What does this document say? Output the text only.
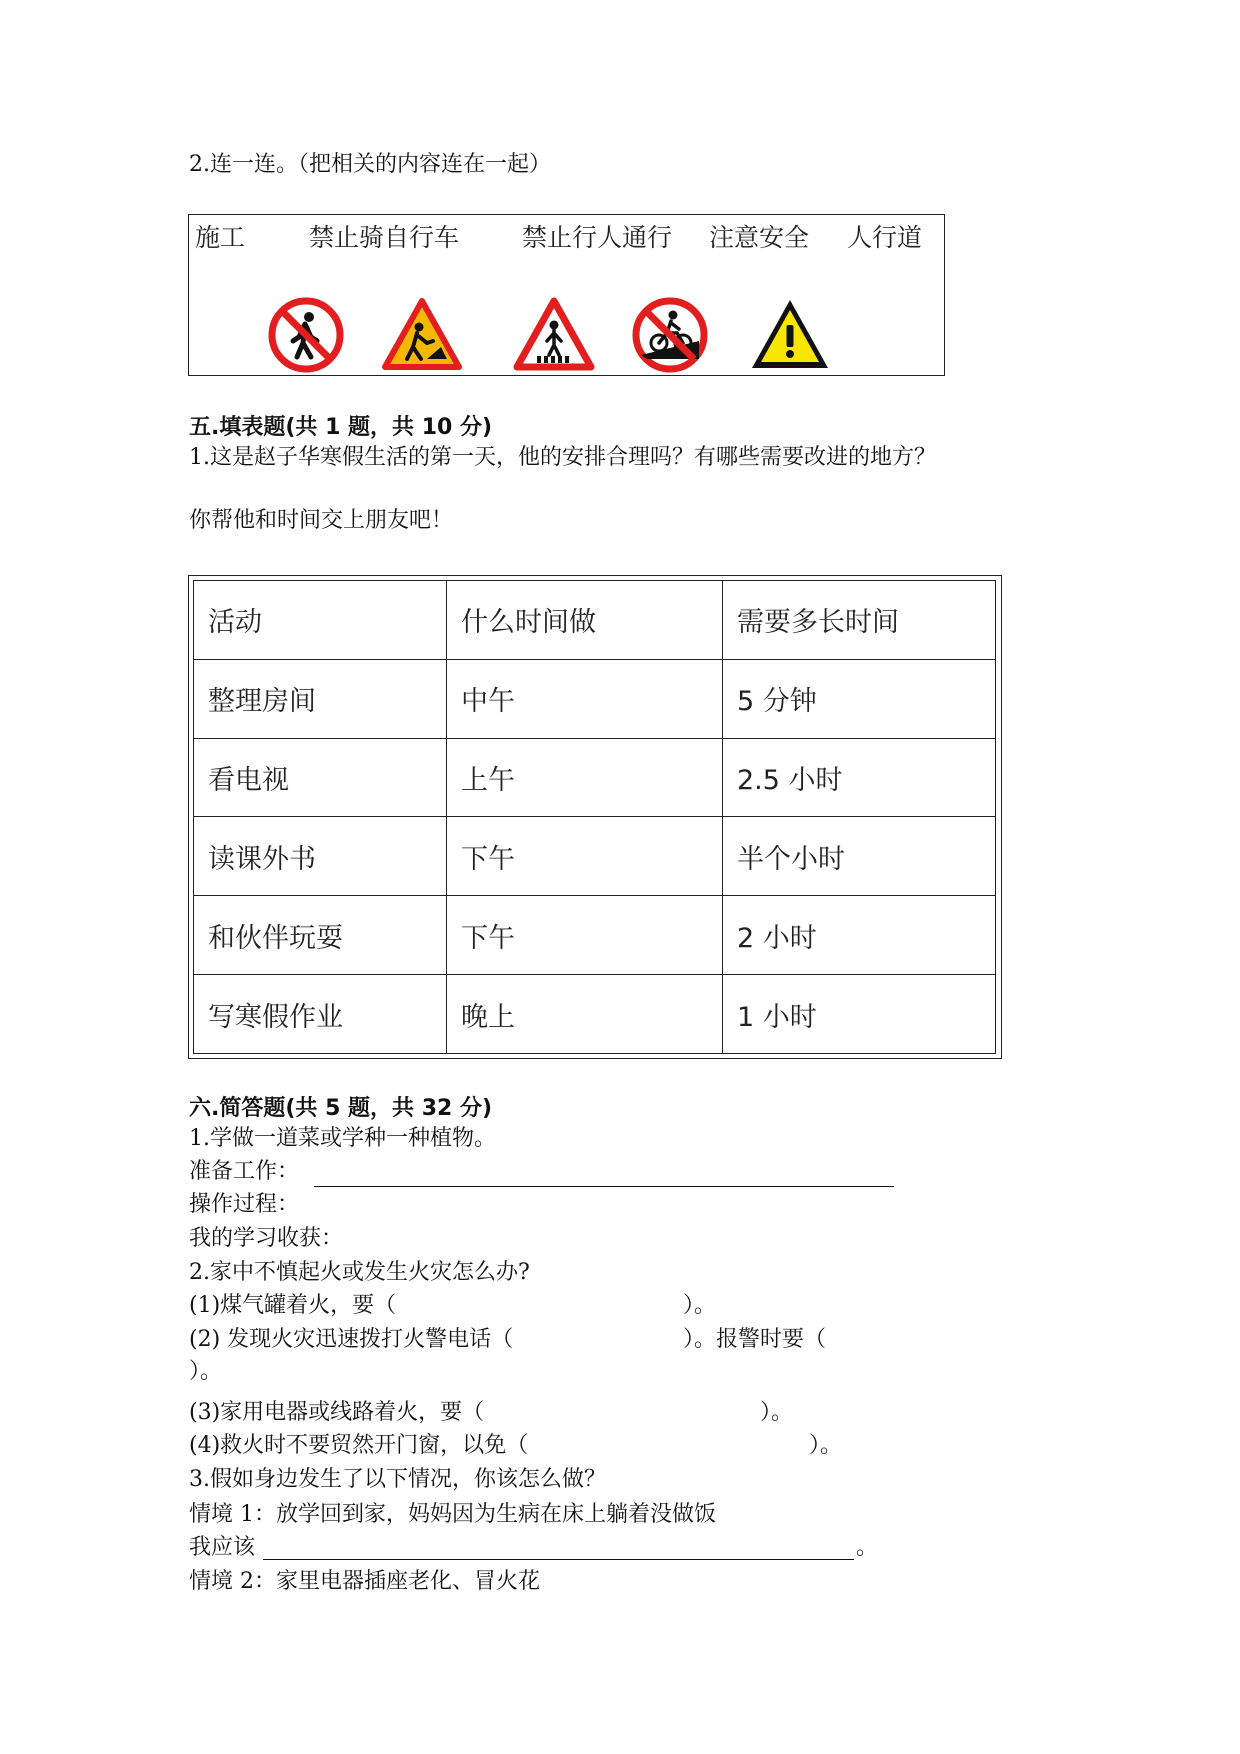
2.连一连。（把相关的内容连在一起）
施工	禁止骑自行车	禁止行人通行 注意安全 人行道
五.填表题(共 1 题，共 10 分)
1.这是赵子华寒假生活的第一天，他的安排合理吗？有哪些需要改进的地方？
你帮他和时间交上朋友吧！
活动	什么时间做	需要多长时间
整理房间	中午	5 分钟
看电视	上午	2.5 小时
读课外书	下午	半个小时
和伙伴玩耍	下午	2 小时
写寒假作业	晚上	1 小时
六.简答题(共 5 题，共 32 分)
1.学做一道菜或学种一种植物。
准备工作：
操作过程：
我的学习收获：
2.家中不慎起火或发生火灾怎么办?
(1)煤气罐着火，要（	）。
(2) 发现火灾迅速拨打火警电话（	）。报警时要（
）。
(3)家用电器或线路着火，要（	）。
(4)救火时不要贸然开门窗，以免（	）。
3.假如身边发生了以下情况，你该怎么做？
情境 1：放学回到家，妈妈因为生病在床上躺着没做饭
我应该	。
情境 2：家里电器插座老化、冒火花
